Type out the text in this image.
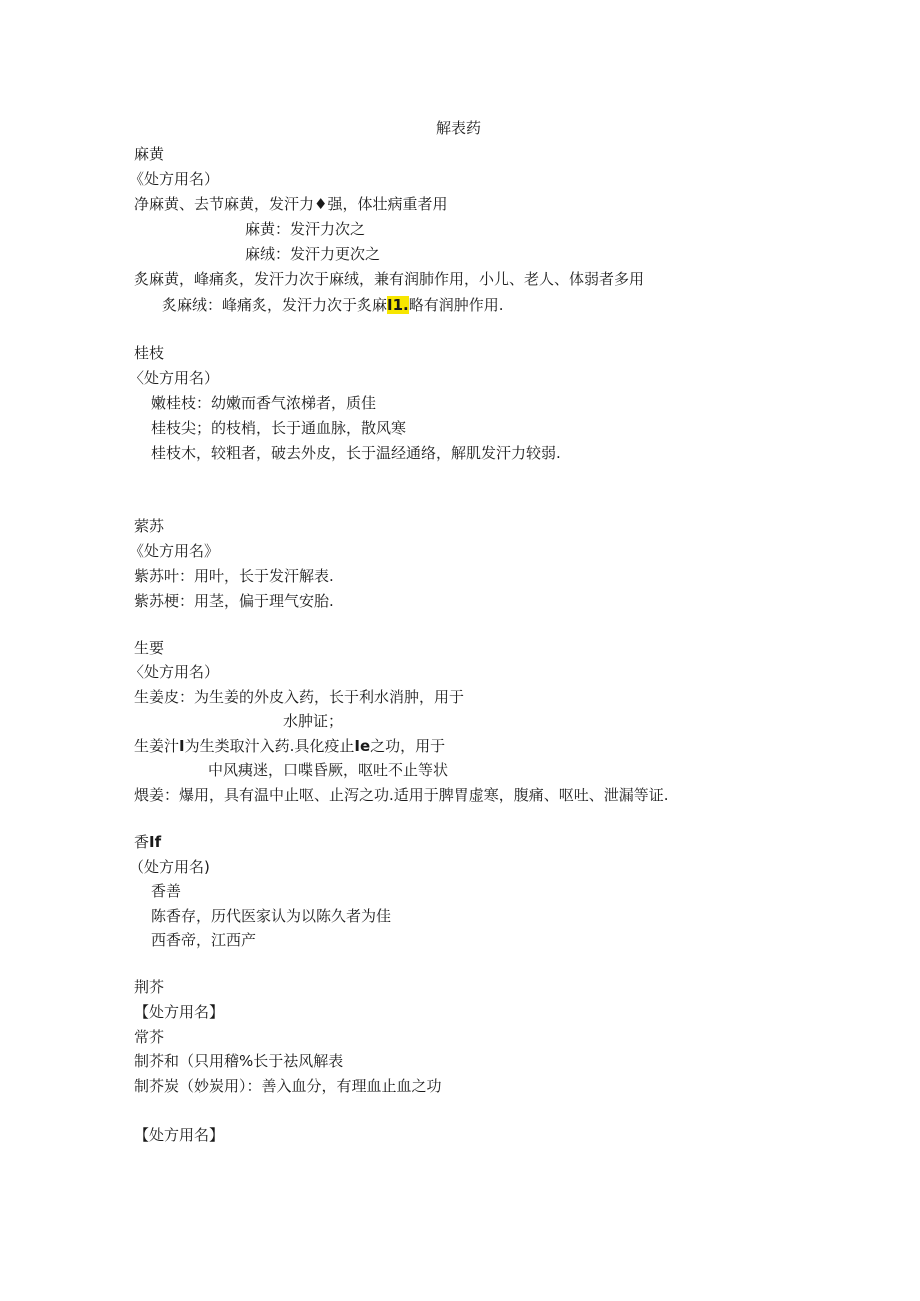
解表药
麻黄
《处方用名）
净麻黄、去节麻黄，发汗力♦强，体壮病重者用
麻黄：发汗力次之
麻绒：发汗力更次之
炙麻黄，峰痛炙，发汗力次于麻绒，兼有润肺作用，小儿、老人、体弱者多用
炙麻绒：峰痛炙，发汗力次于炙麻I1.略有润肿作用.
桂枝
〈处方用名）
嫩桂枝：幼嫩而香气浓梯者，质佳
桂枝尖；的枝梢，长于通血脉，散风寒
桂枝木，较粗者，破去外皮，长于温经通络，解肌发汗力较弱.
萦苏
《处方用名》
紫苏叶：用叶，长于发汗解表.
紫苏梗：用茎，偏于理气安胎.
生要
〈处方用名）
生姜皮：为生姜的外皮入药，长于利水消肿，用于
水肿证；
生姜汁I为生类取汁入药.具化疫止Ie之功，用于
中风痍迷，口喋昏厥，呕吐不止等状
煨姜：爆用，具有温中止呕、止泻之功.适用于脾胃虚寒，腹痛、呕吐、泄漏等证.
香If
（处方用名)
香善
陈香存，历代医家认为以陈久者为佳
西香帝，江西产
荆芥
【处方用名】
常芥
制芥和（只用稽%长于祛风解表
制芥炭（妙炭用）：善入血分，有理血止血之功
【处方用名】
